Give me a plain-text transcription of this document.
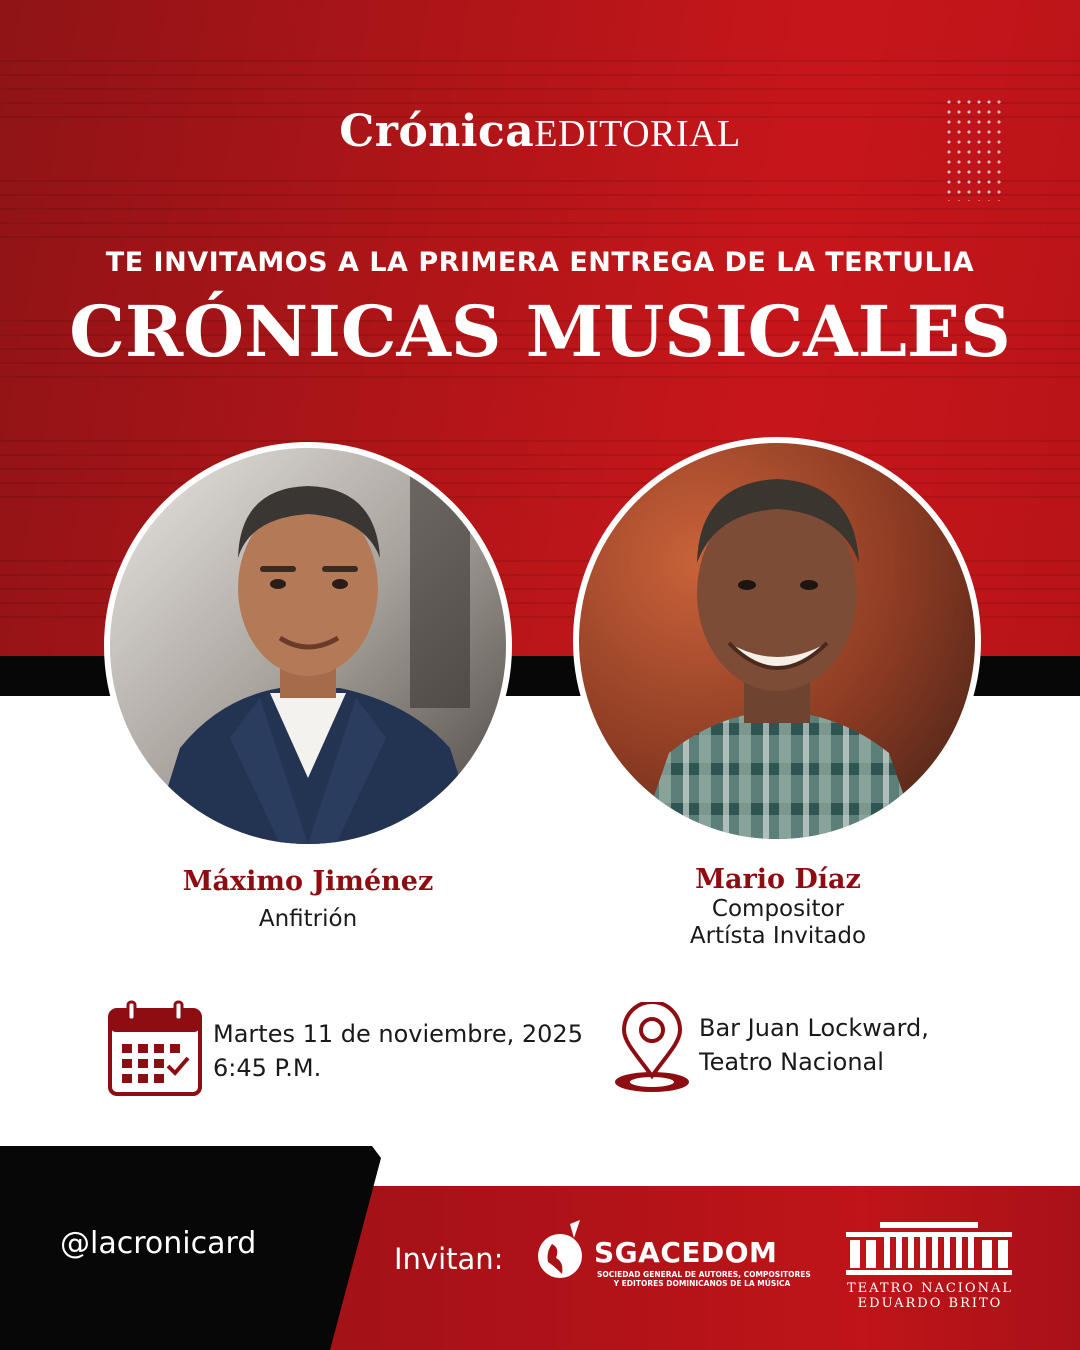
CrónicaEDITORIAL
TE INVITAMOS A LA PRIMERA ENTREGA DE LA TERTULIA
CRÓNICAS MUSICALES
Máximo Jiménez
Anfitrión
Mario Díaz
Compositor
Artísta Invitado
Martes 11 de noviembre, 2025
6:45 P.M.
Bar Juan Lockward,
Teatro Nacional
@lacronicard	Invitan:	SGACEDOM
SOCIEDAD GENERAL DE AUTORES, COMPOSITORES
Y EDITORES DOMINICANOS DE LA MÚSICA	TEATRO NACIONAL
EDUARDO BRITO
